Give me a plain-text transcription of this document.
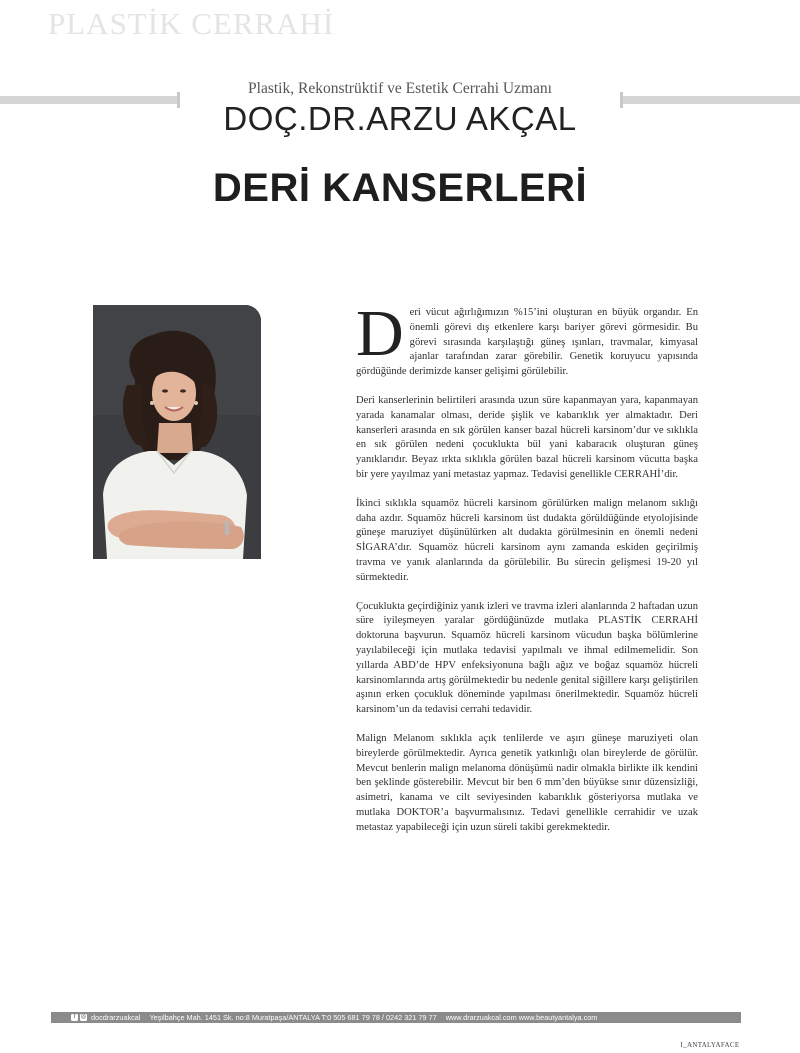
PLASTİK CERRAHİ
Plastik, Rekonstrüktif ve Estetik Cerrahi Uzmanı
DOÇ.DR.ARZU AKÇAL
DERİ KANSERLERİ

Deri vücut ağırlığımızın %15’ini oluşturan en büyük organdır. En önemli görevi dış etkenlere karşı bariyer görevi görmesidir. Bu görevi sırasında karşılaştığı güneş ışınları, travmalar, kimyasal ajanlar tarafından zarar görebilir. Genetik koruyucu yapısında gördüğünde derimizde kanser gelişimi görülebilir.

Deri kanserlerinin belirtileri arasında uzun süre kapanmayan yara, kapanmayan yarada kanamalar olması, deride şişlik ve kabarıklık yer almaktadır. Deri kanserleri arasında en sık görülen kanser bazal hücreli karsinom’dur ve sıklıkla en sık görülen nedeni çocuklukta bül yani kabaracık oluşturan güneş yanıklarıdır. Beyaz ırkta sıklıkla görülen bazal hücreli karsinom vücutta başka bir yere yayılmaz yani metastaz yapmaz. Tedavisi genellikle CERRAHİ’dir.

İkinci sıklıkla squamöz hücreli karsinom görülürken malign melanom sıklığı daha azdır. Squamöz hücreli karsinom üst dudakta görüldüğünde etyolojisinde güneşe maruziyet düşünülürken alt dudakta görülmesinin en önemli nedeni SİGARA’dır. Squamöz hücreli karsinom aynı zamanda eskiden geçirilmiş travma ve yanık alanlarında da görülebilir. Bu sürecin gelişmesi 19-20 yıl sürmektedir.

Çocuklukta geçirdiğiniz yanık izleri ve travma izleri alanlarında 2 haftadan uzun süre iyileşmeyen yaralar gördüğünüzde mutlaka PLASTİK CERRAHİ doktoruna başvurun. Squamöz hücreli karsinom vücudun başka bölümlerine yayılabileceği için mutlaka tedavisi yapılmalı ve ihmal edilmemelidir. Son yıllarda ABD’de HPV enfeksiyonuna bağlı ağız ve boğaz squamöz hücreli karsinomlarında artış görülmektedir bu nedenle genital siğillere karşı geliştirilen aşının erken çocukluk döneminde yapılması önerilmektedir. Squamöz hücreli karsinom’un da tedavisi cerrahi tedavidir.

Malign Melanom sıklıkla açık tenlilerde ve aşırı güneşe maruziyeti olan bireylerde görülmektedir. Ayrıca genetik yatkınlığı olan bireylerde de görülür. Mevcut benlerin malign melanoma dönüşümü nadir olmakla birlikte ilk kendini ben şeklinde gösterebilir. Mevcut bir ben 6 mm’den büyükse sınır düzensizliği, asimetri, kanama ve cilt seviyesinden kabarıklık gösteriyorsa mutlaka ve mutlaka DOKTOR’a başvurmalısınız. Tedavi genellikle cerrahidir ve uzak metastaz yapabileceği için uzun süreli takibi gerekmektedir.

f ◎ docdrarzuakcal Yeşilbahçe Mah. 1451 Sk. no:8 Muratpaşa/ANTALYA T:0 505 681 79 78 / 0242 321 79 77 www.drarzuakcal.com www.beautyantalya.com
I_ANTALYAFACE
